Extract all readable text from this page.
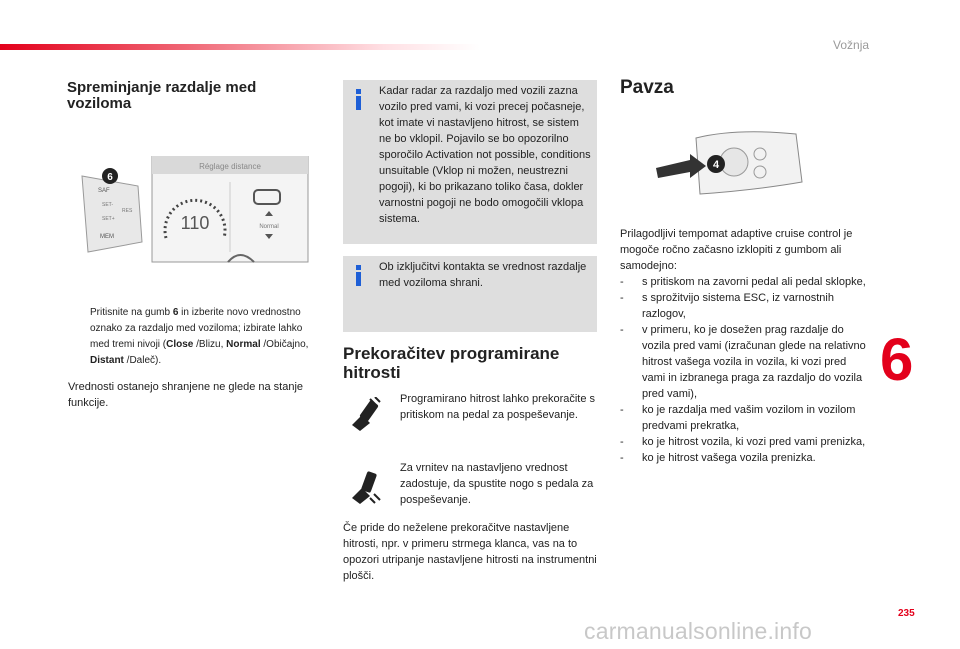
Vožnja
6
Spreminjanje razdalje med voziloma
Réglage distance
110	Normal
SAF
SET-
SET+
RES
MEM
6
Pritisnite na gumb 6 in izberite novo vrednostno oznako za razdaljo med voziloma; izbirate lahko med tremi nivoji (Close /Blizu, Normal /Običajno, Distant /Daleč).

Vrednosti ostanejo shranjene ne glede na stanje funkcije.

Kadar radar za razdaljo med vozili zazna vozilo pred vami, ki vozi precej počasneje, kot imate vi nastavljeno hitrost, se sistem ne bo vklopil. Pojavilo se bo opozorilno sporočilo Activation not possible, conditions unsuitable (Vklop ni možen, neustrezni pogoji), ki bo prikazano toliko časa, dokler varnostni pogoji ne bodo omogočili vklopa sistema.

Ob izključitvi kontakta se vrednost razdalje med voziloma shrani.

Prekoračitev programirane hitrosti

Programirano hitrost lahko prekoračite s pritiskom na pedal za pospeševanje.

Za vrnitev na nastavljeno vrednost zadostuje, da spustite nogo s pedala za pospeševanje.

Če pride do neželene prekoračitve nastavljene hitrosti, npr. v primeru strmega klanca, vas na to opozori utripanje nastavljene hitrosti na instrumentni plošči.

Pavza
4

Prilagodljivi tempomat adaptive cruise control je mogoče ročno začasno izklopiti z gumbom ali samodejno:

- s pritiskom na zavorni pedal ali pedal sklopke,
- s sprožitvijo sistema ESC, iz varnostnih razlogov,
- v primeru, ko je dosežen prag razdalje do vozila pred vami (izračunan glede na relativno hitrost vašega vozila in vozila, ki vozi pred vami in izbranega praga za razdaljo do vozila pred vami),
- ko je razdalja med vašim vozilom in vozilom predvami prekratka,
- ko je hitrost vozila, ki vozi pred vami prenizka,
- ko je hitrost vašega vozila prenizka.
235
carmanualsonline.info
